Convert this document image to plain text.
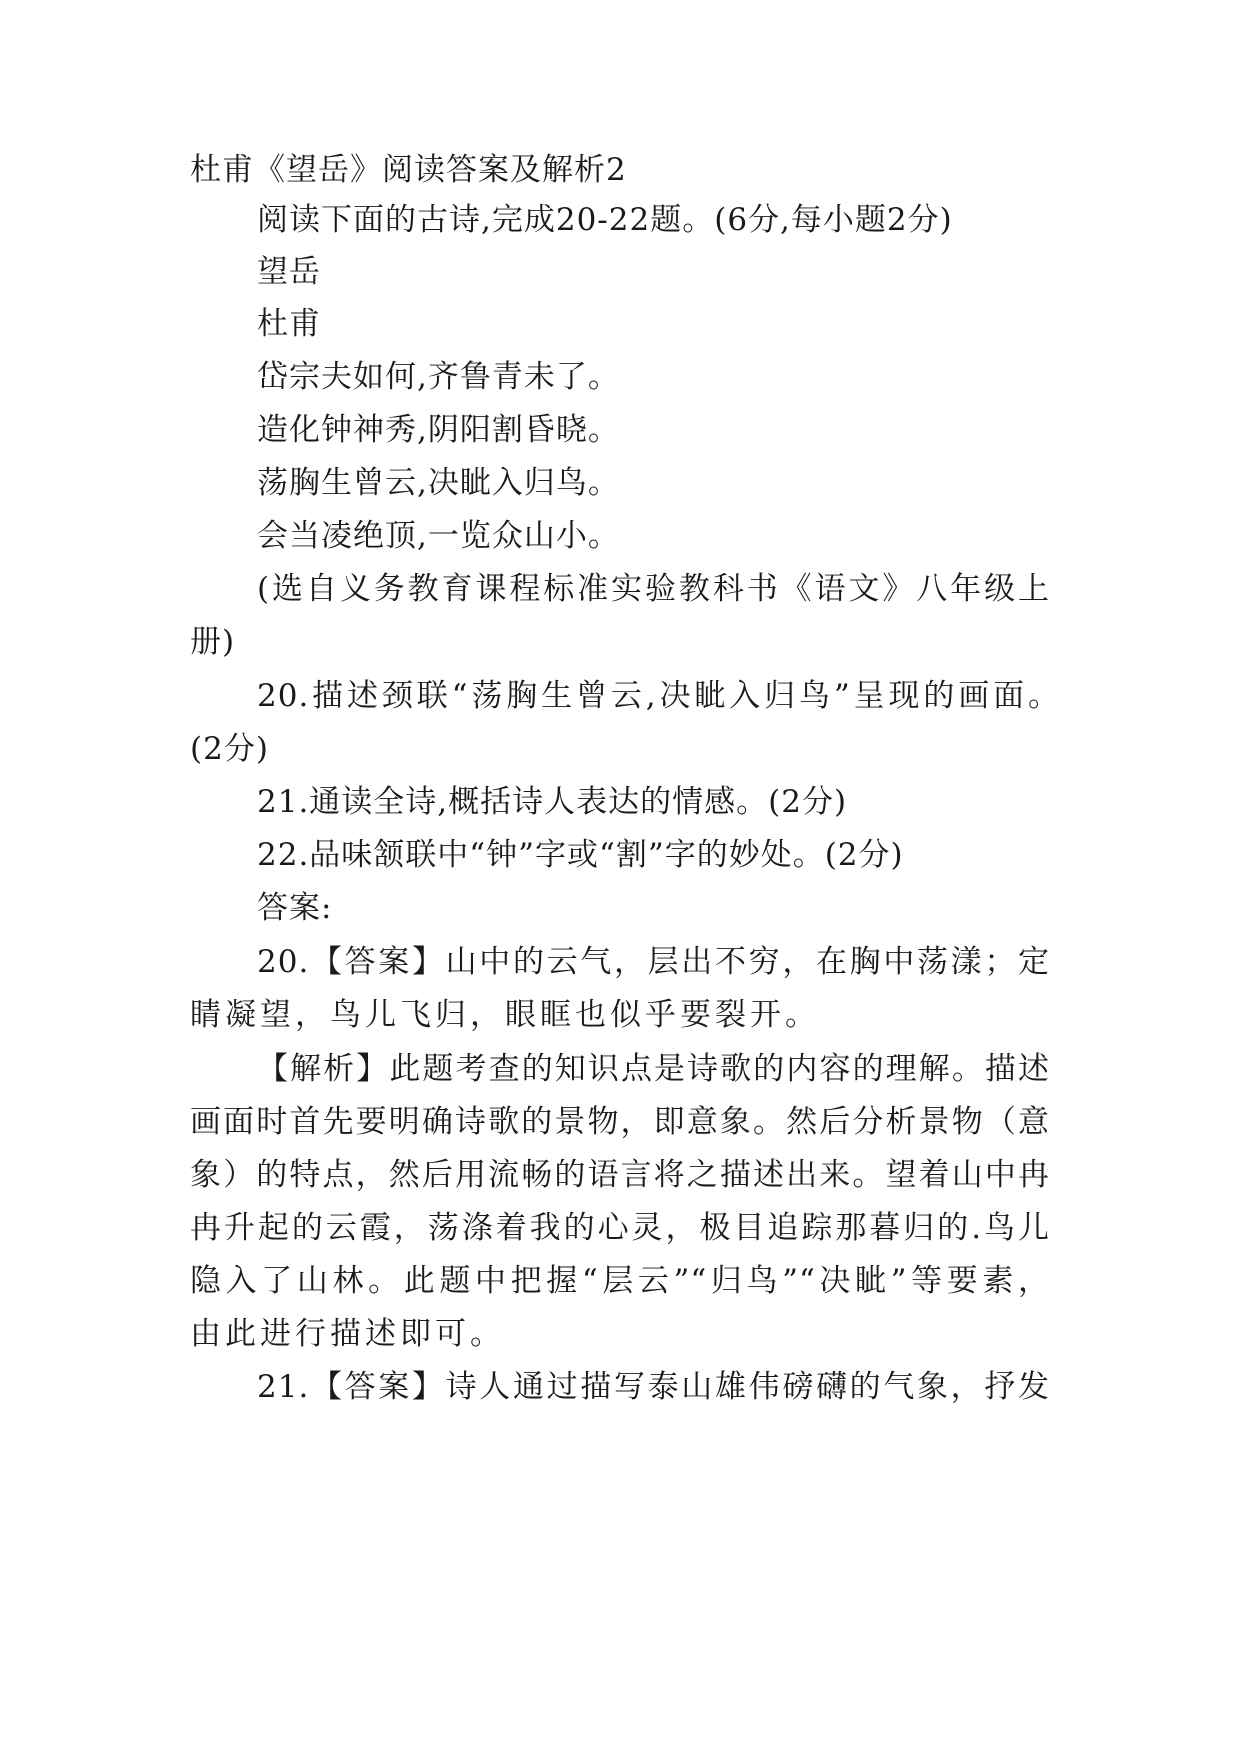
杜甫《望岳》阅读答案及解析2
阅读下面的古诗,完成20-22题。(6分,每小题2分)
望岳
杜甫
岱宗夫如何,齐鲁青未了。
造化钟神秀,阴阳割昏晓。
荡胸生曾云,决眦入归鸟。
会当凌绝顶,一览众山小。
(选自义务教育课程标准实验教科书《语文》八年级上
册)
20.描述颈联“荡胸生曾云,决眦入归鸟”呈现的画面。
(2分)
21.通读全诗,概括诗人表达的情感。(2分)
22.品味颔联中“钟”字或“割”字的妙处。(2分)
答案:
20.【答案】山中的云气，层出不穷，在胸中荡漾；定
睛凝望，鸟儿飞归，眼眶也似乎要裂开。
【解析】此题考查的知识点是诗歌的内容的理解。描述
画面时首先要明确诗歌的景物，即意象。然后分析景物（意
象）的特点，然后用流畅的语言将之描述出来。望着山中冉
冉升起的云霞，荡涤着我的心灵，极目追踪那暮归的.鸟儿
隐入了山林。此题中把握“层云”“归鸟”“决眦”等要素，
由此进行描述即可。
21.【答案】诗人通过描写泰山雄伟磅礴的气象，抒发
